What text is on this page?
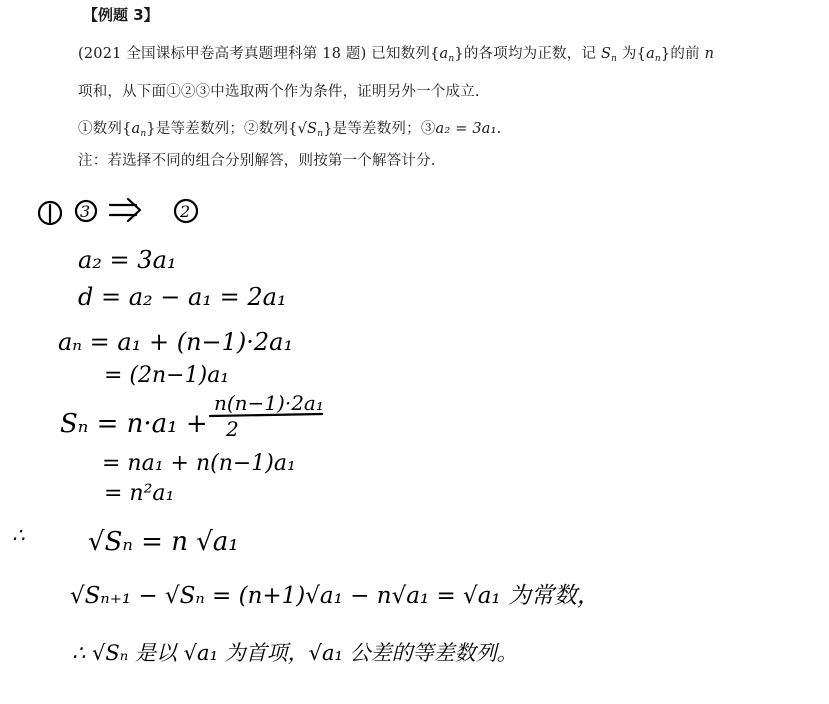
【例题 3】
(2021 全国课标甲卷高考真题理科第 18 题) 已知数列$\{a_n\}$的各项均为正数，记 $S_n$ 为$\{a_n\}$的前 n
项和，从下面①②③中选取两个作为条件，证明另外一个成立.
①数列$\{a_n\}$是等差数列；②数列$\{√S_n\}$是等差数列；③a₂ = 3a₁.
注：若选择不同的组合分别解答，则按第一个解答计分.
3	2
a₂ = 3a₁
d = a₂ − a₁ = 2a₁
aₙ = a₁ + (n−1)·2a₁
= (2n−1)a₁
Sₙ = n·a₁ +
n(n−1)·2a₁
2
= na₁ + n(n−1)a₁
= n²a₁
∴ √Sₙ = n √a₁
√Sₙ₊₁ − √Sₙ = (n+1)√a₁ − n√a₁ = √a₁ 为常数，
∴ √Sₙ 是以 √a₁ 为首项，√a₁ 公差的等差数列。
